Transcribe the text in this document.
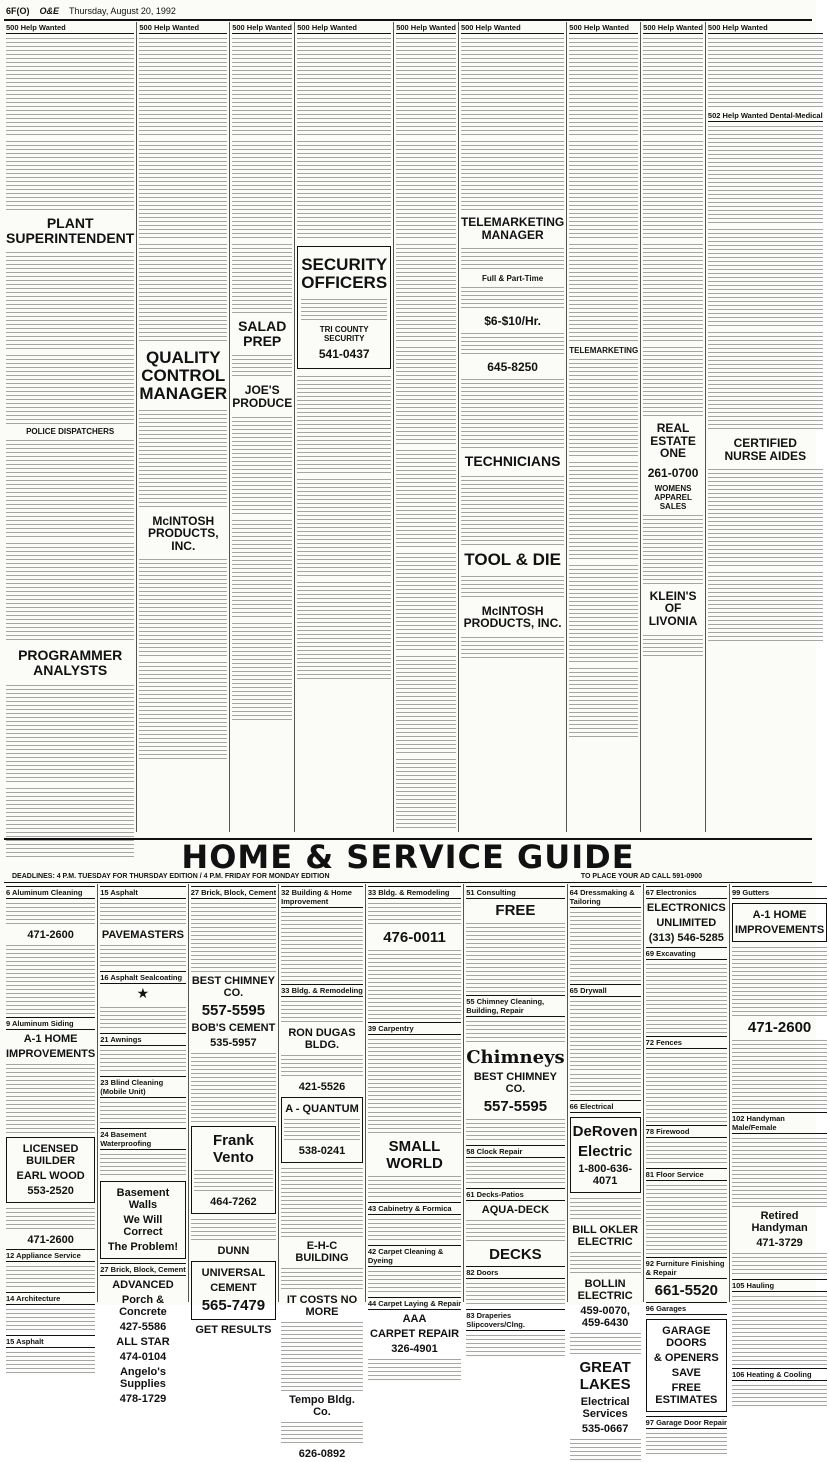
6F(O) O&E Thursday, August 20, 1992
500 Help Wanted
PLANT
SUPERINTENDENT
POLICE DISPATCHERS
PROGRAMMER
ANALYSTS
500 Help Wanted
QUALITY
CONTROL
MANAGER
McINTOSH
PRODUCTS, INC.
500 Help Wanted
SALAD PREP
JOE'S PRODUCE
500 Help Wanted
SECURITY
OFFICERS
TRI COUNTY SECURITY
541-0437
500 Help Wanted 500 Help Wanted
TELEMARKETING
MANAGER
Full & Part-Time
$6-$10/Hr.
645-8250
TECHNICIANS
TOOL & DIE
McINTOSH
PRODUCTS, INC.
500 Help Wanted
TELEMARKETING
500 Help Wanted
REAL ESTATE ONE
261-0700
WOMENS APPAREL SALES
KLEIN'S OF LIVONIA
500 Help Wanted
502 Help Wanted Dental-Medical
CERTIFIED
NURSE AIDES
HOME & SERVICE GUIDE
DEADLINES: 4 P.M. TUESDAY FOR THURSDAY EDITION / 4 P.M. FRIDAY FOR MONDAY EDITION	TO PLACE YOUR AD CALL 591-0900
6 Aluminum Cleaning
471-2600
9 Aluminum Siding
A-1 HOME
IMPROVEMENTS
LICENSED BUILDER
EARL WOOD
553-2520
471-2600
12 Appliance Service
14 Architecture
15 Asphalt
15 Asphalt
PAVEMASTERS
16 Asphalt Sealcoating
★
21 Awnings
23 Blind Cleaning (Mobile Unit)
24 Basement Waterproofing
Basement Walls
We Will Correct
The Problem!
27 Brick, Block, Cement
ADVANCED
Porch & Concrete
427-5586
ALL STAR
474-0104
Angelo's Supplies
478-1729
27 Brick, Block, Cement
BEST CHIMNEY CO.
557-5595
BOB'S CEMENT
535-5957
Frank Vento
464-7262
DUNN
UNIVERSAL
CEMENT
565-7479
GET RESULTS
32 Building & Home Improvement
33 Bldg. & Remodeling
RON DUGAS BLDG.
421-5526
A - QUANTUM
538-0241
E-H-C BUILDING
IT COSTS NO MORE
Tempo Bldg. Co.
626-0892
33 Bldg. & Remodeling
476-0011
39 Carpentry
SMALL WORLD
43 Cabinetry & Formica
42 Carpet Cleaning & Dyeing
44 Carpet Laying & Repair
AAA
CARPET REPAIR
326-4901
51 Consulting
FREE
55 Chimney Cleaning, Building, Repair
Chimneys
BEST CHIMNEY CO.
557-5595
58 Clock Repair
61 Decks-Patios
AQUA-DECK
DECKS
82 Doors
83 Draperies Slipcovers/Clng.
64 Dressmaking & Tailoring
65 Drywall
66 Electrical
DeRoven
Electric
1-800-636-4071
BILL OKLER ELECTRIC
BOLLIN ELECTRIC
459-0070, 459-6430
GREAT LAKES
Electrical Services
535-0667
67 Electronics
ELECTRONICS
UNLIMITED
(313) 546-5285
69 Excavating
72 Fences
78 Firewood
81 Floor Service
92 Furniture Finishing & Repair
661-5520
96 Garages
GARAGE DOORS
& OPENERS
SAVE
FREE ESTIMATES
97 Garage Door Repair
99 Gutters
A-1 HOME
IMPROVEMENTS
471-2600
102 Handyman Male/Female
Retired Handyman
471-3729
105 Hauling
106 Heating & Cooling
